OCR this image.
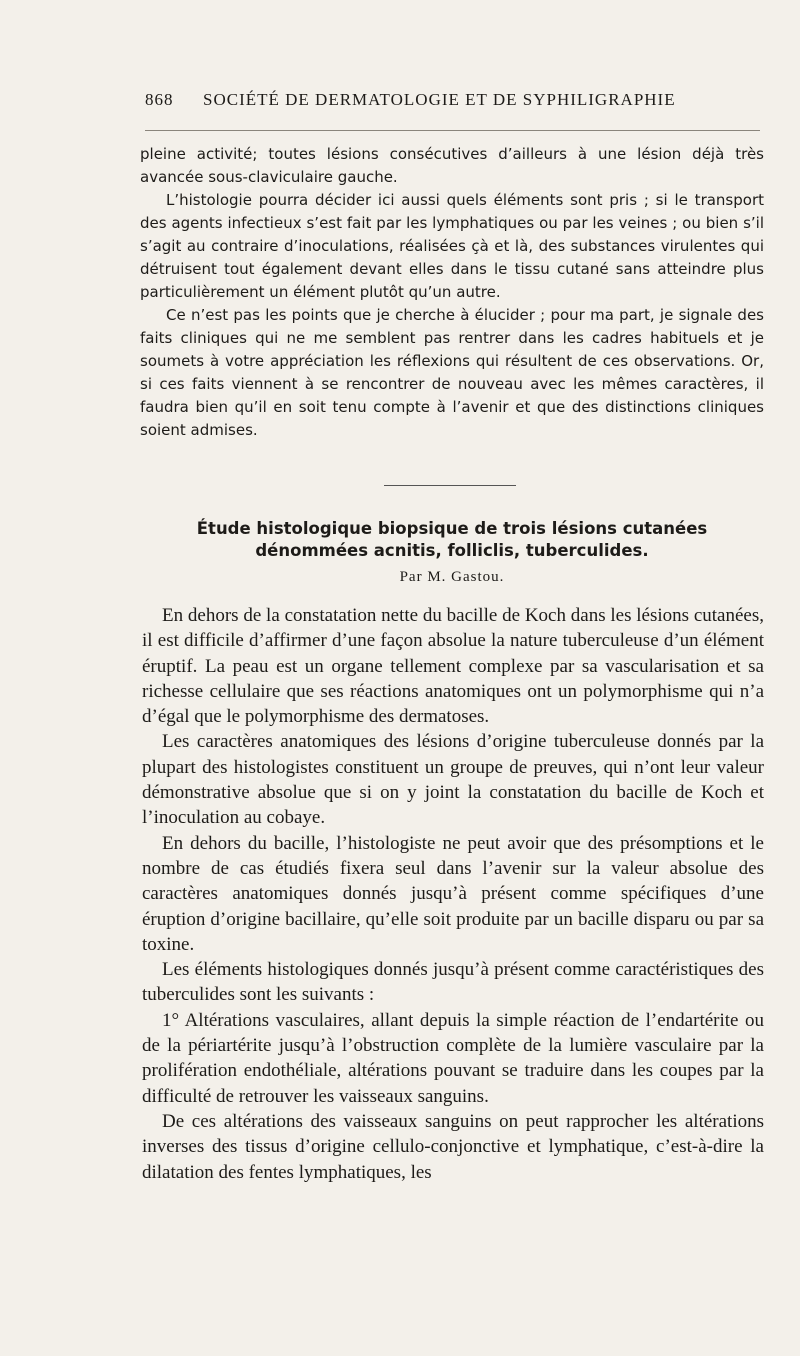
868 SOCIÉTÉ DE DERMATOLOGIE ET DE SYPHILIGRAPHIE

pleine activité; toutes lésions consécutives d’ailleurs à une lésion déjà très avancée sous-claviculaire gauche.

L’histologie pourra décider ici aussi quels éléments sont pris ; si le transport des agents infectieux s’est fait par les lymphatiques ou par les veines ; ou bien s’il s’agit au contraire d’inoculations, réalisées çà et là, des substances virulentes qui détruisent tout également devant elles dans le tissu cutané sans atteindre plus particulièrement un élément plutôt qu’un autre.

Ce n’est pas les points que je cherche à élucider ; pour ma part, je signale des faits cliniques qui ne me semblent pas rentrer dans les cadres habituels et je soumets à votre appréciation les réflexions qui résultent de ces observations. Or, si ces faits viennent à se rencontrer de nouveau avec les mêmes caractères, il faudra bien qu’il en soit tenu compte à l’avenir et que des distinctions cliniques soient admises.

Étude histologique biopsique de trois lésions cutanées dénommées acnitis, folliclis, tuberculides.
Par M. Gastou.

En dehors de la constatation nette du bacille de Koch dans les lésions cutanées, il est difficile d’affirmer d’une façon absolue la nature tuberculeuse d’un élément éruptif. La peau est un organe tellement complexe par sa vascularisation et sa richesse cellulaire que ses réactions anatomiques ont un polymorphisme qui n’a d’égal que le polymorphisme des dermatoses.

Les caractères anatomiques des lésions d’origine tuberculeuse donnés par la plupart des histologistes constituent un groupe de preuves, qui n’ont leur valeur démonstrative absolue que si on y joint la constatation du bacille de Koch et l’inoculation au cobaye.

En dehors du bacille, l’histologiste ne peut avoir que des présomptions et le nombre de cas étudiés fixera seul dans l’avenir sur la valeur absolue des caractères anatomiques donnés jusqu’à présent comme spécifiques d’une éruption d’origine bacillaire, qu’elle soit produite par un bacille disparu ou par sa toxine.

Les éléments histologiques donnés jusqu’à présent comme caractéristiques des tuberculides sont les suivants :

1° Altérations vasculaires, allant depuis la simple réaction de l’endartérite ou de la périartérite jusqu’à l’obstruction complète de la lumière vasculaire par la prolifération endothéliale, altérations pouvant se traduire dans les coupes par la difficulté de retrouver les vaisseaux sanguins.

De ces altérations des vaisseaux sanguins on peut rapprocher les altérations inverses des tissus d’origine cellulo-conjonctive et lymphatique, c’est-à-dire la dilatation des fentes lymphatiques, les
